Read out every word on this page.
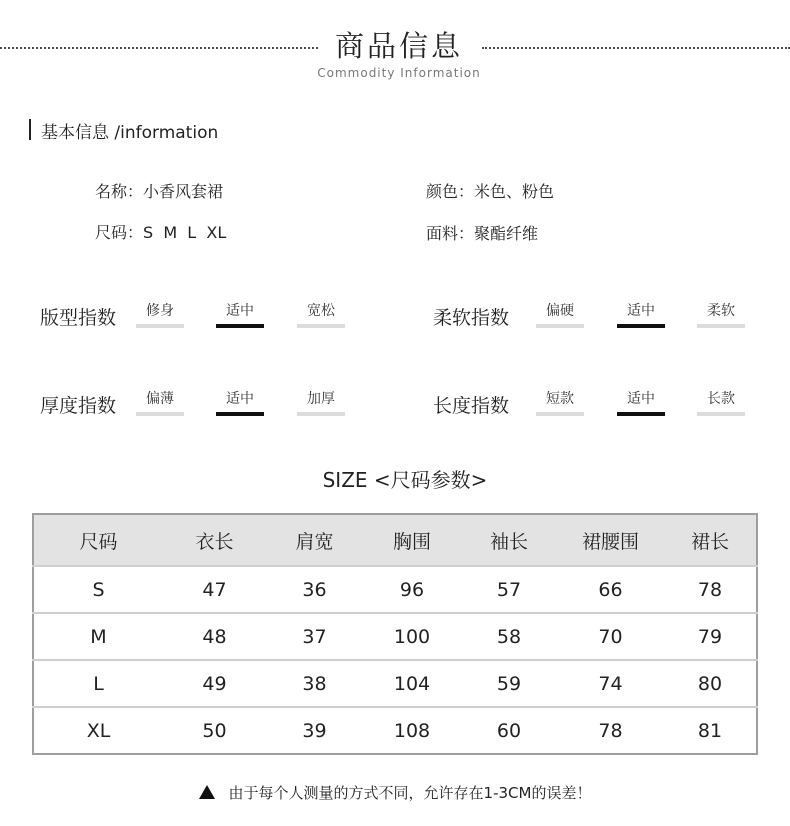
商品信息
Commodity Information
基本信息 /information
名称：小香风套裙	颜色：米色、粉色
尺码：S  M  L  XL	面料：聚酯纤维
版型指数	修身	适中	宽松	柔软指数	偏硬	适中	柔软
厚度指数	偏薄	适中	加厚	长度指数	短款	适中	长款
SIZE <尺码参数>
尺码	衣长	肩宽	胸围	袖长	裙腰围	裙长
S	47	36	96	57	66	78
M	48	37	100	58	70	79
L	49	38	104	59	74	80
XL	50	39	108	60	78	81
由于每个人测量的方式不同，允许存在1-3CM的误差！
